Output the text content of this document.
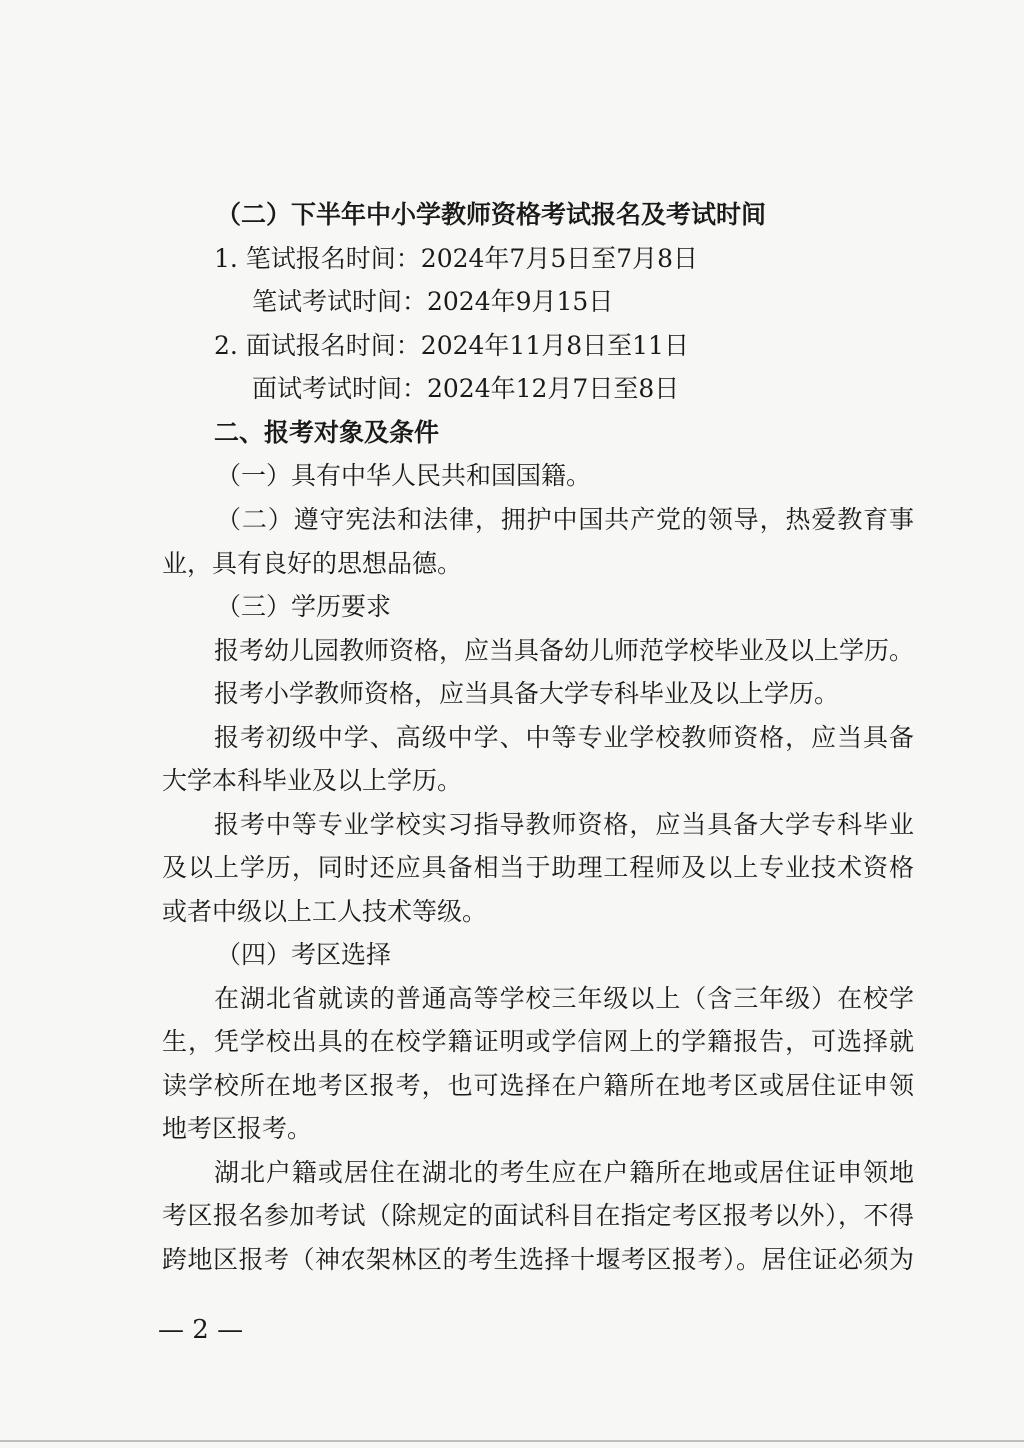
（二）下半年中小学教师资格考试报名及考试时间
1. 笔试报名时间：2024年7月5日至7月8日
笔试考试时间：2024年9月15日
2. 面试报名时间：2024年11月8日至11日
面试考试时间：2024年12月7日至8日
二、报考对象及条件
（一）具有中华人民共和国国籍。
（二）遵守宪法和法律，拥护中国共产党的领导，热爱教育事
业，具有良好的思想品德。
（三）学历要求
报考幼儿园教师资格，应当具备幼儿师范学校毕业及以上学历。
报考小学教师资格，应当具备大学专科毕业及以上学历。
报考初级中学、高级中学、中等专业学校教师资格，应当具备
大学本科毕业及以上学历。
报考中等专业学校实习指导教师资格，应当具备大学专科毕业
及以上学历，同时还应具备相当于助理工程师及以上专业技术资格
或者中级以上工人技术等级。
（四）考区选择
在湖北省就读的普通高等学校三年级以上（含三年级）在校学
生，凭学校出具的在校学籍证明或学信网上的学籍报告，可选择就
读学校所在地考区报考，也可选择在户籍所在地考区或居住证申领
地考区报考。
湖北户籍或居住在湖北的考生应在户籍所在地或居住证申领地
考区报名参加考试（除规定的面试科目在指定考区报考以外），不得
跨地区报考（神农架林区的考生选择十堰考区报考）。居住证必须为
— 2 —
